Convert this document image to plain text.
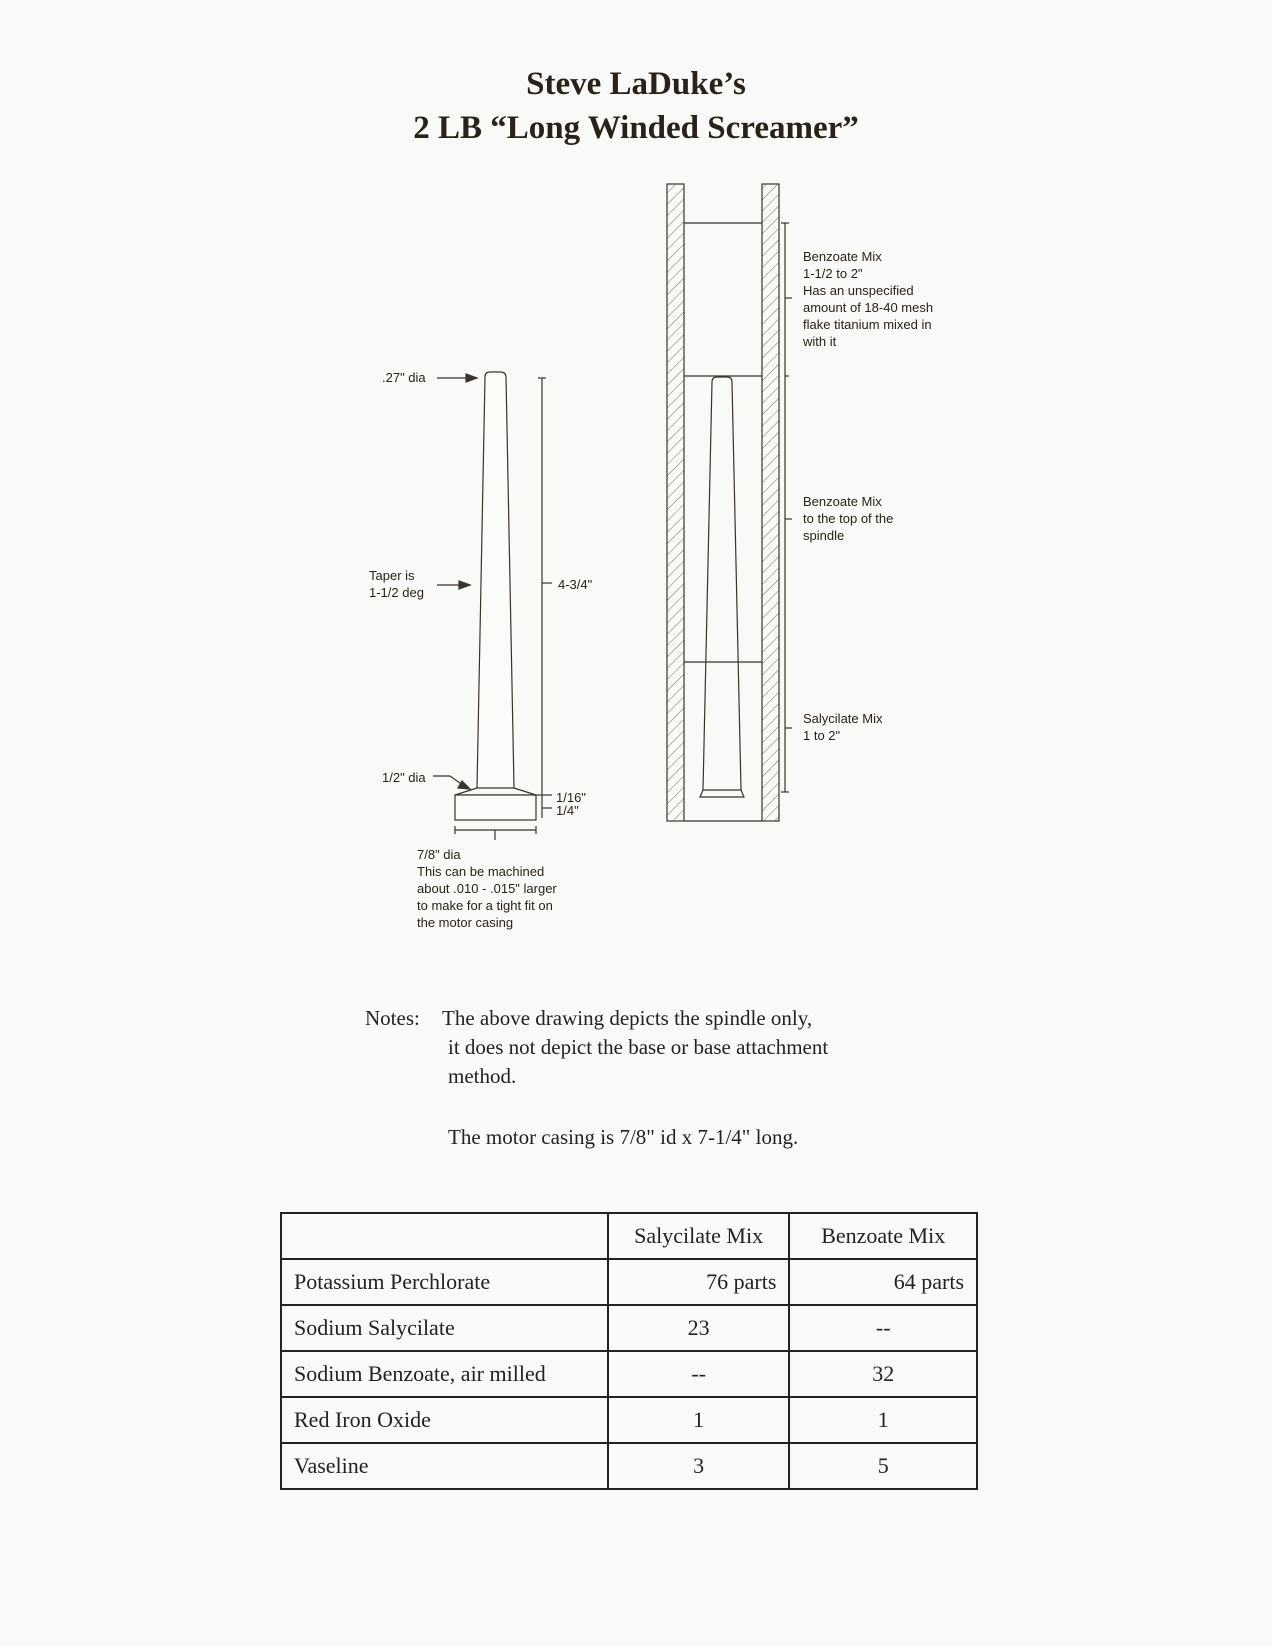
Steve LaDuke’s
2 LB “Long Winded Screamer”
.27" dia
Taper is
1-1/2 deg
4-3/4"
1/2" dia
1/16"
1/4"
7/8" dia
This can be machined
about .010 - .015" larger
to make for a tight fit on
the motor casing
Benzoate Mix
1-1/2 to 2"
Has an unspecified
amount of 18-40 mesh
flake titanium mixed in
with it
Benzoate Mix
to the top of the
spindle
Salycilate Mix
1 to 2"
Notes: The above drawing depicts the spindle only,
it does not depict the base or base attachment
method.
The motor casing is 7/8" id x 7-1/4" long.
	Salycilate Mix	Benzoate Mix
Potassium Perchlorate	76 parts	64 parts
Sodium Salycilate	23	--
Sodium Benzoate, air milled	--	32
Red Iron Oxide	1	1
Vaseline	3	5
